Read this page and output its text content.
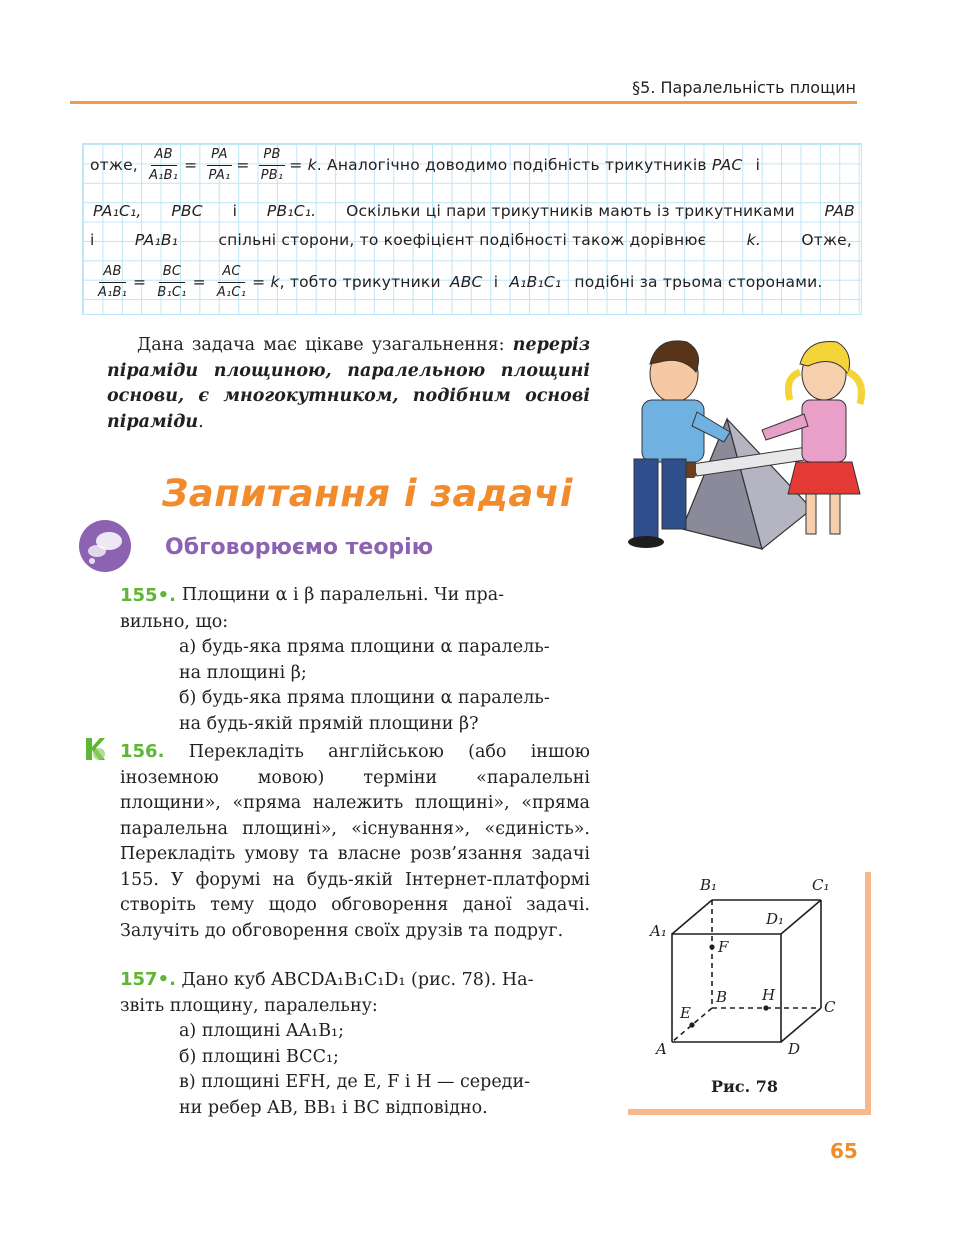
§5. Паралельність площин
отже, $\frac{AB}{\text{A₁B₁}} = \frac{PA}{\text{PA₁}} = \frac{PB}{\text{PB₁}} = k$. Аналогічно доводимо подібність трикутників PAC і
PA₁C₁, PBC і PB₁C₁. Оскільки ці пари трикутників мають із трикутниками PAB
і	PA₁B₁	спільні сторони, то коефіцієнт подібності також дорівнює	k.	Отже,
$\frac{AB}{\text{A₁B₁}} = \frac{BC}{\text{B₁C₁}} = \frac{AC}{\text{A₁C₁}} = k$, тобто трикутники ABC і A₁B₁C₁ подібні за трьома сторонами.
Дана задача має цікаве узагальнення: переріз піраміди площиною, паралельною площині основи, є многокутником, подібним основі піраміди.
Запитання і задачі
Обговорюємо теорію
155•. Площини α і β паралельні. Чи пра-
вильно, що:
а) будь-яка пряма площини α паралель-
на площині β;
б) будь-яка пряма площини α паралель-
на будь-якій прямій площини β?
156. Перекладіть англійською (або іншою іноземною мовою) терміни «паралельні площини», «пряма належить площині», «пряма паралельна площині», «існування», «єдиність». Перекладіть умову та власне розв’язання задачі 155. У форумі на будь-якій Інтернет-платформі створіть тему щодо обговорення даної задачі. Залучіть до обговорення своїх друзів та подруг.
157•. Дано куб ABCDA₁B₁C₁D₁ (рис. 78). На-
звіть площину, паралельну:
а) площині AA₁B₁;
б) площині BCC₁;
в) площині EFH, де E, F і H — середи-
ни ребер AB, BB₁ і BC відповідно.
A
B
C
D
A₁
B₁	C₁
D₁
F
E
H
Рис. 78
65
